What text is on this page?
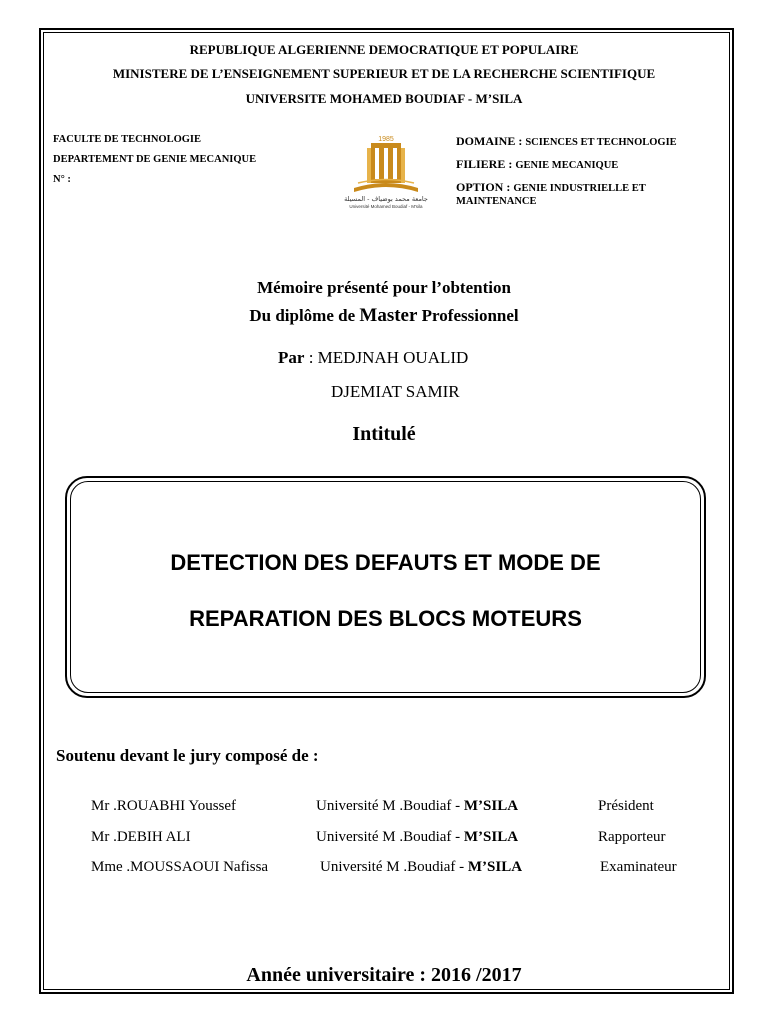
REPUBLIQUE ALGERIENNE DEMOCRATIQUE ET POPULAIRE
MINISTERE DE L’ENSEIGNEMENT SUPERIEUR ET DE LA RECHERCHE SCIENTIFIQUE
UNIVERSITE MOHAMED BOUDIAF - M’SILA
FACULTE DE TECHNOLOGIE
DEPARTEMENT DE GENIE MECANIQUE
N° :
1985
جامعة محمد بوضياف - المسيلة
Université Mohamed Boudiaf - M'sila
DOMAINE : SCIENCES ET TECHNOLOGIE
FILIERE : GENIE MECANIQUE
OPTION : GENIE INDUSTRIELLE ET
MAINTENANCE
Mémoire présenté pour l’obtention
Du diplôme de Master Professionnel
Par : MEDJNAH OUALID
DJEMIAT SAMIR
Intitulé
DETECTION DES DEFAUTS ET MODE DE
REPARATION DES BLOCS MOTEURS
Soutenu devant le jury composé de :
Mr .ROUABHI Youssef	Université M .Boudiaf - M’SILA	Président
Mr .DEBIH ALI	Université M .Boudiaf - M’SILA	Rapporteur
Mme .MOUSSAOUI Nafissa	Université M .Boudiaf - M’SILA	Examinateur
Année universitaire : 2016 /2017
